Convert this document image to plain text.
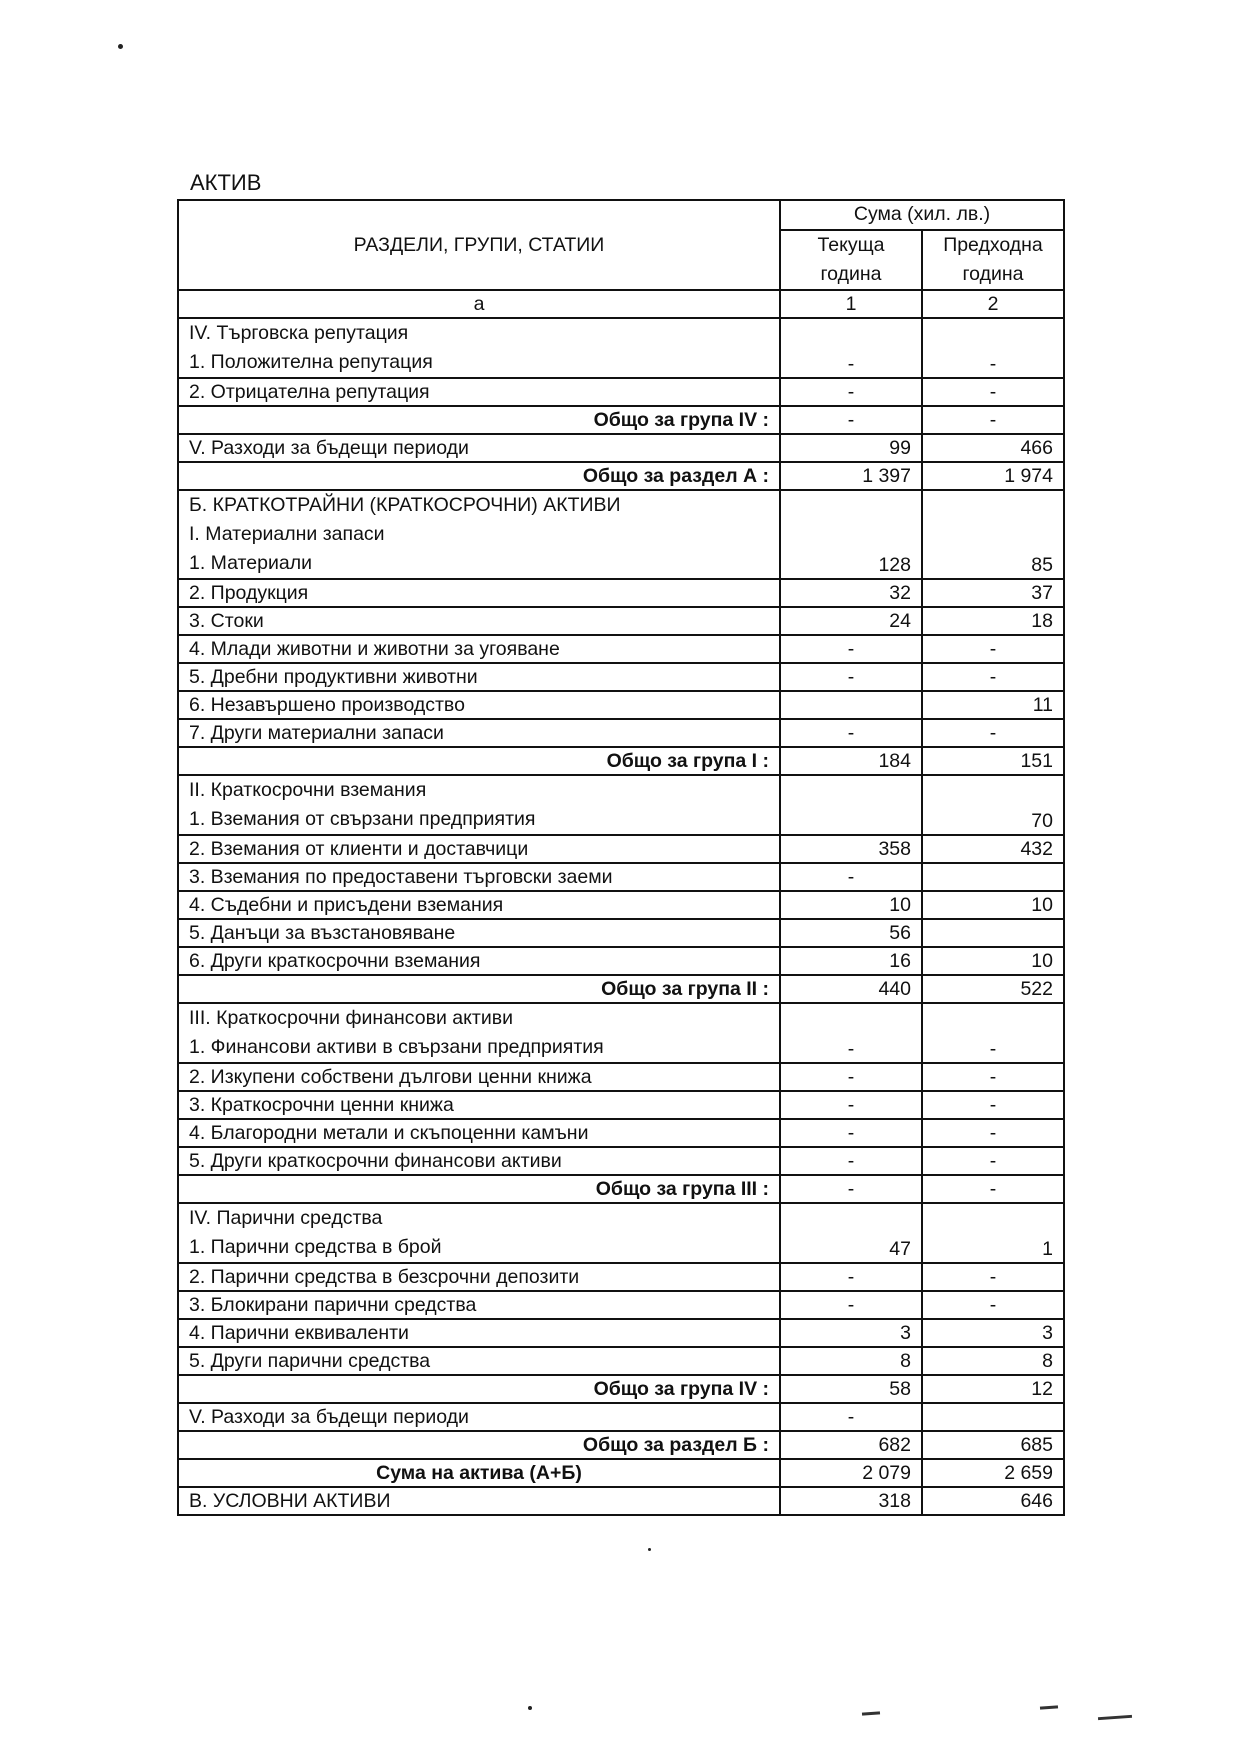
АКТИВ
РАЗДЕЛИ, ГРУПИ, СТАТИИ	Сума (хил. лв.)	
	Текуща година	Предходна година
а	1	2

IV. Търговска репутация
1. Положителна репутация	-	-

2. Отрицателна репутация	-	-

Общо за група IV :	-	-

V. Разходи за бъдещи периоди	99	466

Общо за раздел А :	1 397	1 974

Б. КРАТКОТРАЙНИ (КРАТКОСРОЧНИ) АКТИВИ
I. Материални запаси
1. Материали	128	85

2. Продукция	32	37

3. Стоки	24	18

4. Млади животни и животни за угояване	-	-

5. Дребни продуктивни животни	-	-

6. Незавършено производство		11

7. Други материални запаси	-	-

Общо за група I :	184	151

II. Краткосрочни вземания
1. Вземания от свързани предприятия		70

2. Вземания от клиенти и доставчици	358	432

3. Вземания по предоставени търговски заеми	-	

4. Съдебни и присъдени вземания	10	10

5. Данъци за възстановяване	56	

6. Други краткосрочни вземания	16	10

Общо за група II :	440	522

III. Краткосрочни финансови активи
1. Финансови активи в свързани предприятия	-	-

2. Изкупени собствени дългови ценни книжа	-	-

3. Краткосрочни ценни книжа	-	-

4. Благородни метали и скъпоценни камъни	-	-

5. Други краткосрочни финансови активи	-	-

Общо за група III :	-	-

IV. Парични средства
1. Парични средства в брой	47	1

2. Парични средства в безсрочни депозити	-	-

3. Блокирани парични средства	-	-

4. Парични еквиваленти	3	3

5. Други парични средства	8	8

Общо за група IV :	58	12

V. Разходи за бъдещи периоди	-	

Общо за раздел Б :	682	685

Сума на актива (А+Б)	2 079	2 659

В. УСЛОВНИ АКТИВИ	318	646
